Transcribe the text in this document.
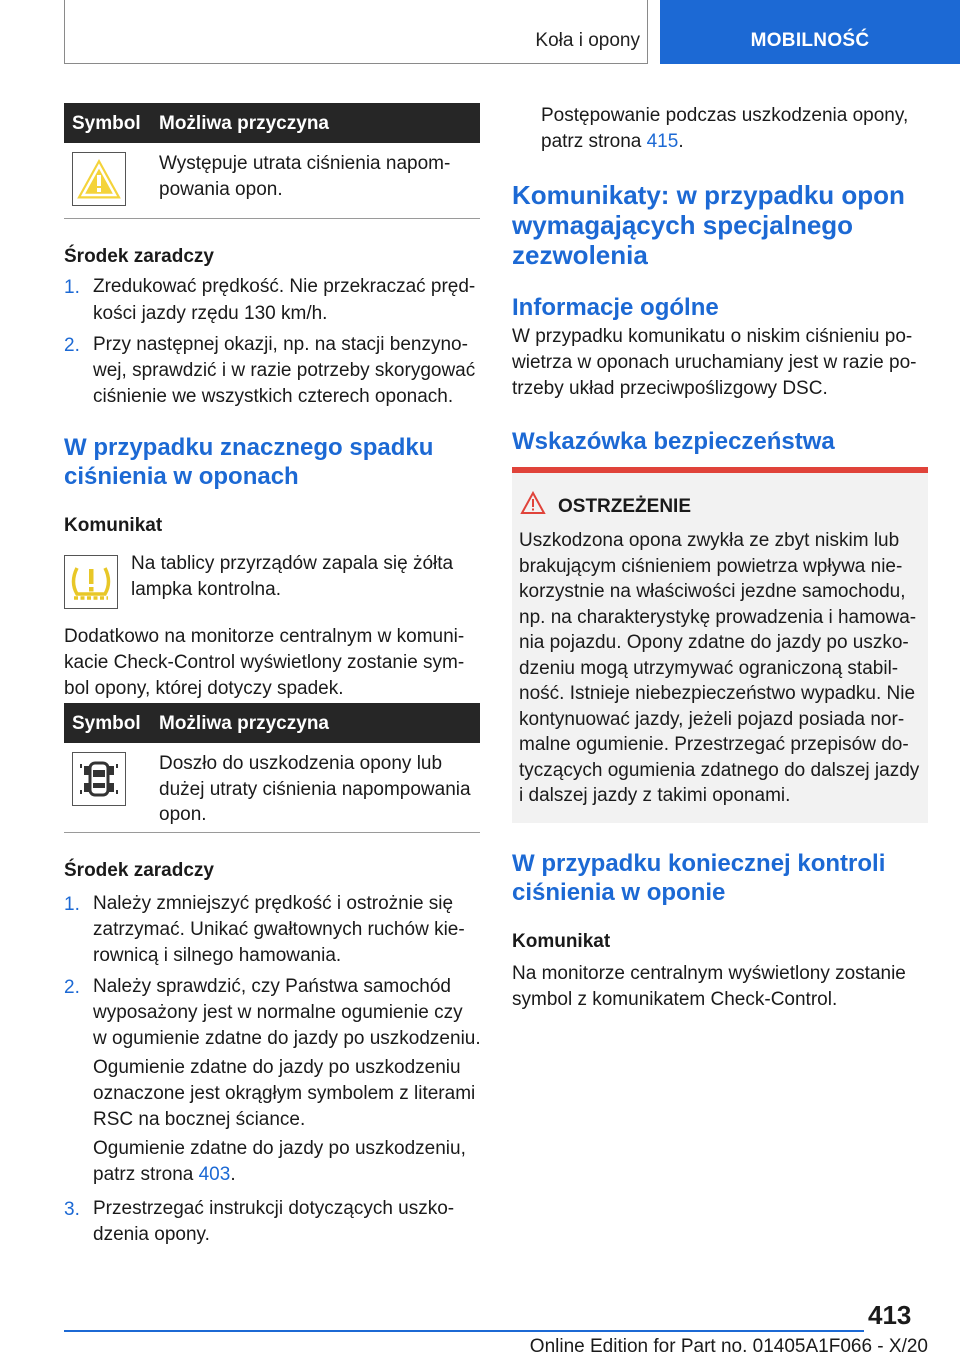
Koła i opony	MOBILNOŚĆ
Symbol Możliwa przyczyna
Występuje utrata ciśnienia napom-
powania opon.
Środek zaradczy
1. Zredukować prędkość. Nie przekraczać pręd-
kości jazdy rzędu 130 km/h.
2. Przy następnej okazji, np. na stacji benzyno-
wej, sprawdzić i w razie potrzeby skorygować
ciśnienie we wszystkich czterech oponach.
W przypadku znacznego spadku
ciśnienia w oponach
Komunikat
Na tablicy przyrządów zapala się żółta
lampka kontrolna.
Dodatkowo na monitorze centralnym w komuni-
kacie Check-Control wyświetlony zostanie sym-
bol opony, której dotyczy spadek.
Symbol Możliwa przyczyna
Doszło do uszkodzenia opony lub
dużej utraty ciśnienia napompowania
opon.
Środek zaradczy
1. Należy zmniejszyć prędkość i ostrożnie się
zatrzymać. Unikać gwałtownych ruchów kie-
rownicą i silnego hamowania.
2. Należy sprawdzić, czy Państwa samochód
wyposażony jest w normalne ogumienie czy
w ogumienie zdatne do jazdy po uszkodzeniu.
Ogumienie zdatne do jazdy po uszkodzeniu
oznaczone jest okrągłym symbolem z literami
RSC na bocznej ściance.
Ogumienie zdatne do jazdy po uszkodzeniu,
patrz strona 403.
3. Przestrzegać instrukcji dotyczących uszko-
dzenia opony.
Postępowanie podczas uszkodzenia opony,
patrz strona 415.
Komunikaty: w przypadku opon
wymagających specjalnego
zezwolenia
Informacje ogólne
W przypadku komunikatu o niskim ciśnieniu po-
wietrza w oponach uruchamiany jest w razie po-
trzeby układ przeciwpoślizgowy DSC.
Wskazówka bezpieczeństwa
OSTRZEŻENIE
Uszkodzona opona zwykła ze zbyt niskim lub
brakującym ciśnieniem powietrza wpływa nie-
korzystnie na właściwości jezdne samochodu,
np. na charakterystykę prowadzenia i hamowa-
nia pojazdu. Opony zdatne do jazdy po uszko-
dzeniu mogą utrzymywać ograniczoną stabil-
ność. Istnieje niebezpieczeństwo wypadku. Nie
kontynuować jazdy, jeżeli pojazd posiada nor-
malne ogumienie. Przestrzegać przepisów do-
tyczących ogumienia zdatnego do dalszej jazdy
i dalszej jazdy z takimi oponami.
W przypadku koniecznej kontroli
ciśnienia w oponie
Komunikat
Na monitorze centralnym wyświetlony zostanie
symbol z komunikatem Check-Control.
413
Online Edition for Part no. 01405A1F066 - X/20
